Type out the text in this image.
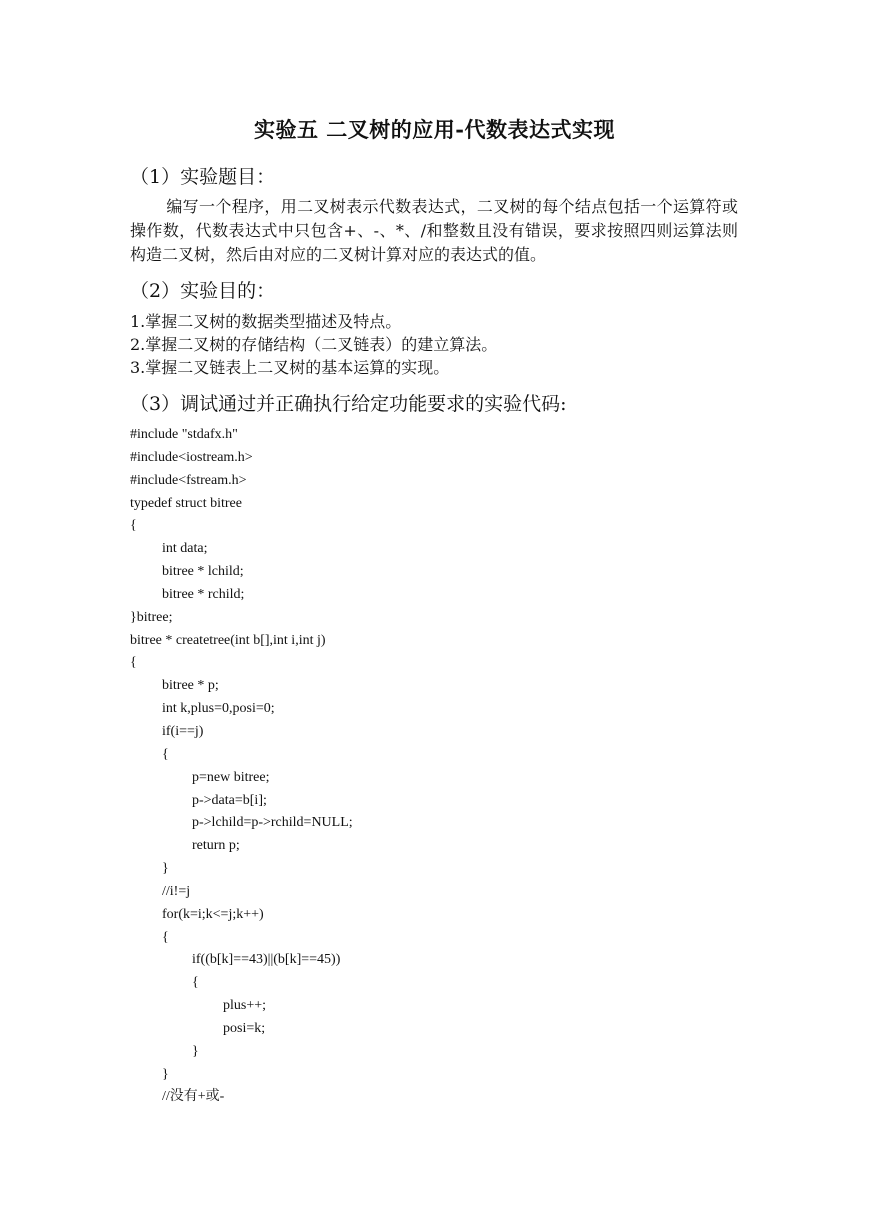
实验五 二叉树的应用-代数表达式实现
（1）实验题目：
编写一个程序，用二叉树表示代数表达式，二叉树的每个结点包括一个运算符或操作数，代数表达式中只包含+、-、*、/和整数且没有错误，要求按照四则运算法则构造二叉树，然后由对应的二叉树计算对应的表达式的值。
（2）实验目的：
1.掌握二叉树的数据类型描述及特点。
2.掌握二叉树的存储结构（二叉链表）的建立算法。
3.掌握二叉链表上二叉树的基本运算的实现。
（3）调试通过并正确执行给定功能要求的实验代码:
#include "stdafx.h"
#include<iostream.h>
#include<fstream.h>
typedef struct bitree
{
int data;
bitree * lchild;
bitree * rchild;
}bitree;
bitree * createtree(int b[],int i,int j)
{
bitree * p;
int k,plus=0,posi=0;
if(i==j)
{
p=new bitree;
p->data=b[i];
p->lchild=p->rchild=NULL;
return p;
}
//i!=j
for(k=i;k<=j;k++)
{
if((b[k]==43)||(b[k]==45))
{
plus++;
posi=k;
}
}
//没有+或-
